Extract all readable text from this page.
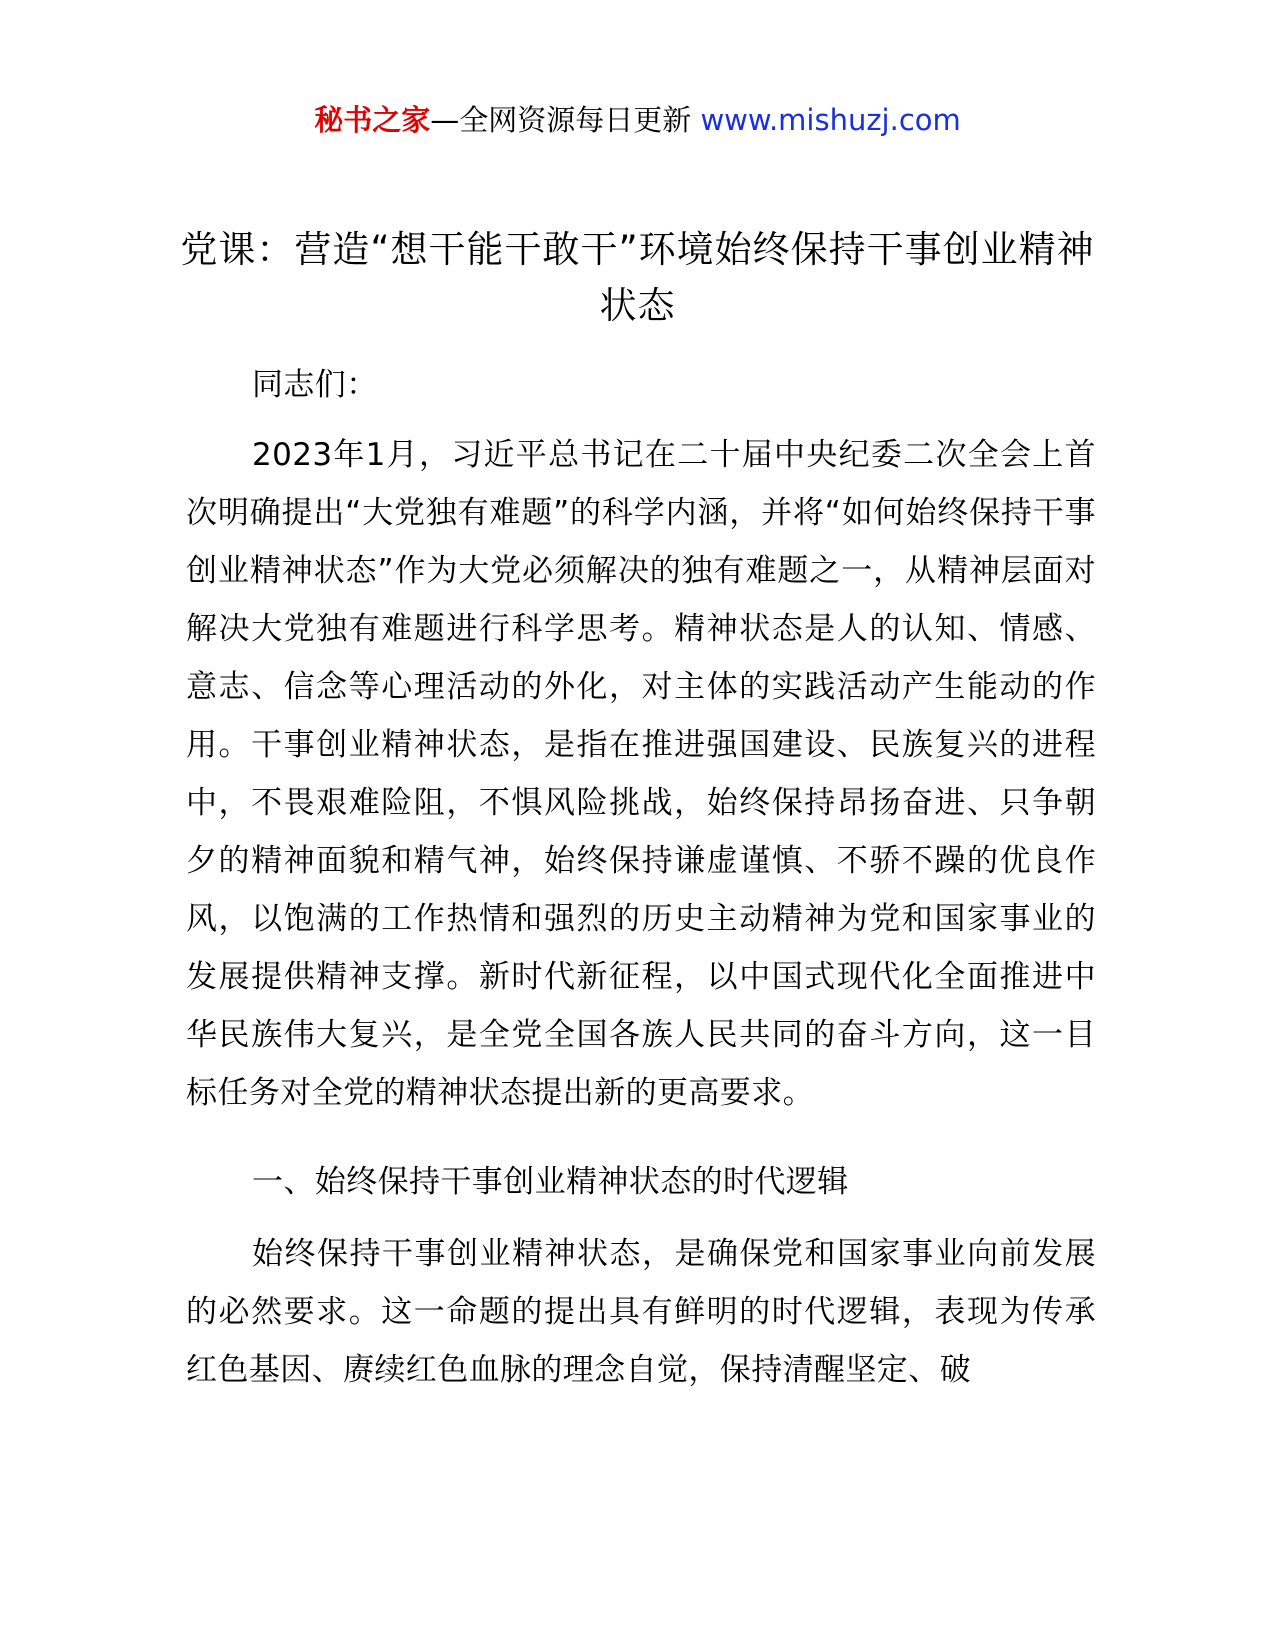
秘书之家—全网资源每日更新 www.mishuzj.com
党课：营造“想干能干敢干”环境始终保持干事创业精神状态

同志们：

2023年1月，习近平总书记在二十届中央纪委二次全会上首次明确提出“大党独有难题”的科学内涵，并将“如何始终保持干事创业精神状态”作为大党必须解决的独有难题之一，从精神层面对解决大党独有难题进行科学思考。精神状态是人的认知、情感、意志、信念等心理活动的外化，对主体的实践活动产生能动的作用。干事创业精神状态，是指在推进强国建设、民族复兴的进程中，不畏艰难险阻，不惧风险挑战，始终保持昂扬奋进、只争朝夕的精神面貌和精气神，始终保持谦虚谨慎、不骄不躁的优良作风，以饱满的工作热情和强烈的历史主动精神为党和国家事业的发展提供精神支撑。新时代新征程，以中国式现代化全面推进中华民族伟大复兴，是全党全国各族人民共同的奋斗方向，这一目标任务对全党的精神状态提出新的更高要求。

一、始终保持干事创业精神状态的时代逻辑

始终保持干事创业精神状态，是确保党和国家事业向前发展的必然要求。这一命题的提出具有鲜明的时代逻辑，表现为传承红色基因、赓续红色血脉的理念自觉，保持清醒坚定、破
